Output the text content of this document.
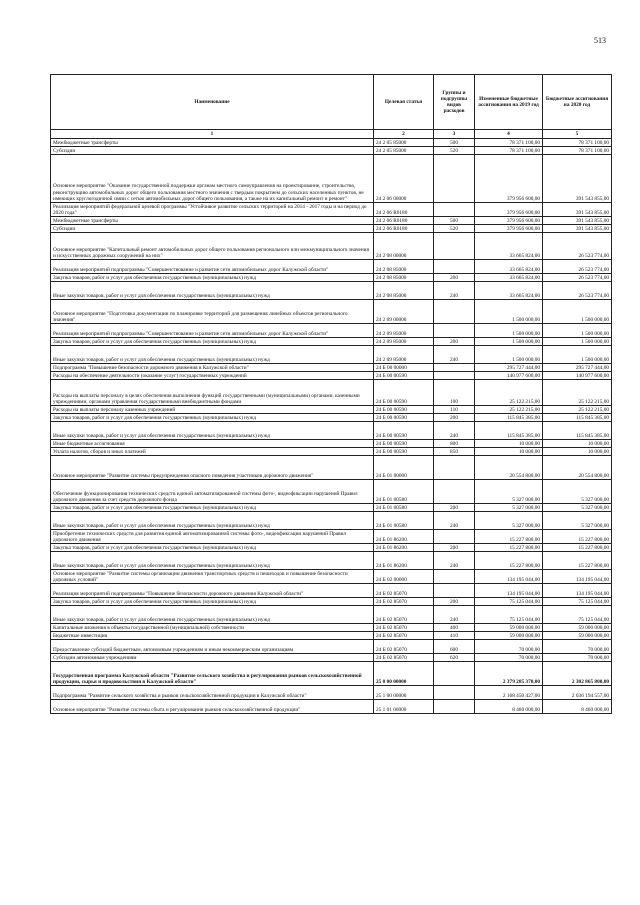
513
Наименование	Целевая статья	Группы и подгруппы видов расходов	Измененные бюджетные ассигнования на 2019 год	Бюджетные ассигнования на 2020 год
1	2	3	4	5
Межбюджетные трансферты	24 2 05 85000	500	78 371 100,00	78 371 100,00
Субсидии	24 2 05 85000	520	78 371 100,00	78 371 100,00
Основное мероприятие "Оказание государственной поддержки органам местного самоуправления на проектирование, строительство, реконструкцию автомобильных дорог общего пользования местного значения с твердым покрытием до сельских населенных пунктов, не имеющих круглогодичной связи с сетью автомобильных дорог общего пользования, а также на их капитальный ремонт и ремонт"	24 2 06 00000		379 956 600,00	391 543 855,00
Реализация мероприятий федеральной целевой программы "Устойчивое развитие сельских территорий на 2014 - 2017 годы и на период до 2020 года"	24 2 06 R0180		379 956 600,00	391 543 855,00
Межбюджетные трансферты	24 2 06 R0180	500	379 956 600,00	391 543 855,00
Субсидии	24 2 06 R0180	520	379 956 600,00	391 543 855,00
Основное мероприятие "Капитальный ремонт автомобильных дорог общего пользования регионального или межмуниципального значения и искусственных дорожных сооружений на них"	24 2 08 00000		33 665 824,00	26 523 774,00
Реализация мероприятий подпрограммы "Совершенствование и развитие сети автомобильных дорог Калужской области"	24 2 08 85000		33 665 824,00	26 523 774,00
Закупка товаров, работ и услуг для обеспечения государственных (муниципальных) нужд	24 2 08 85000	200	33 665 824,00	26 523 774,00
Иные закупки товаров, работ и услуг для обеспечения государственных (муниципальных) нужд	24 2 08 85000	240	33 665 824,00	26 523 774,00
Основное мероприятие "Подготовка документации по планировке территорий для размещения линейных объектов регионального значения"	24 2 09 00000		1 500 000,00	1 500 000,00
Реализация мероприятий подпрограммы "Совершенствование и развитие сети автомобильных дорог Калужской области"	24 2 09 85000		1 500 000,00	1 500 000,00
Закупка товаров, работ и услуг для обеспечения государственных (муниципальных) нужд	24 2 09 85000	200	1 500 000,00	1 500 000,00
Иные закупки товаров, работ и услуг для обеспечения государственных (муниципальных) нужд	24 2 09 85000	240	1 500 000,00	1 500 000,00
Подпрограмма "Повышение безопасности дорожного движения в Калужской области"	24 Б 00 00000		295 727 444,00	295 727 444,00
Расходы на обеспечение деятельности (оказание услуг) государственных учреждений	24 Б 00 00590		140 977 600,00	140 977 600,00
Расходы на выплаты персоналу в целях обеспечения выполнения функций государственными (муниципальными) органами, казенными учреждениями, органами управления государственными внебюджетными фондами	24 Б 00 00590	100	25 122 215,00	25 122 215,00
Расходы на выплаты персоналу казенных учреждений	24 Б 00 00590	110	25 122 215,00	25 122 215,00
Закупка товаров, работ и услуг для обеспечения государственных (муниципальных) нужд	24 Б 00 00590	200	115 845 385,00	115 845 385,00
Иные закупки товаров, работ и услуг для обеспечения государственных (муниципальных) нужд	24 Б 00 00590	240	115 845 385,00	115 845 385,00
Иные бюджетные ассигнования	24 Б 00 00590	800	10 000,00	10 000,00
Уплата налогов, сборов и иных платежей	24 Б 00 00590	850	10 000,00	10 000,00
Основное мероприятие "Развитие системы предупреждения опасного поведения участников дорожного движения"	24 Б 01 00000		20 554 800,00	20 554 800,00
Обеспечение функционирования технических средств единой автоматизированной системы фото-, видеофиксации нарушений Правил дорожного движения за счет средств дорожного фонда	24 Б 01 00580		5 327 000,00	5 327 000,00
Закупка товаров, работ и услуг для обеспечения государственных (муниципальных) нужд	24 Б 01 00580	200	5 327 000,00	5 327 000,00
Иные закупки товаров, работ и услуг для обеспечения государственных (муниципальных) нужд	24 Б 01 00580	240	5 327 000,00	5 327 000,00
Приобретение технических средств для развития единой автоматизированной системы фото-, видеофиксации нарушений Правил дорожного движения	24 Б 01 86200		15 227 800,00	15 227 800,00
Закупка товаров, работ и услуг для обеспечения государственных (муниципальных) нужд	24 Б 01 86200	200	15 227 800,00	15 227 800,00
Иные закупки товаров, работ и услуг для обеспечения государственных (муниципальных) нужд	24 Б 01 86200	240	15 227 800,00	15 227 800,00
Основное мероприятие "Развитие системы организации движения транспортных средств и пешеходов и повышение безопасности дорожных условий"	24 Б 02 00000		134 195 044,00	134 195 044,00
Реализация мероприятий подпрограммы "Повышение безопасности дорожного движения Калужской области"	24 Б 02 85070		134 195 044,00	134 195 044,00
Закупка товаров, работ и услуг для обеспечения государственных (муниципальных) нужд	24 Б 02 85070	200	75 125 044,00	75 125 044,00
Иные закупки товаров, работ и услуг для обеспечения государственных (муниципальных) нужд	24 Б 02 85070	240	75 125 044,00	75 125 044,00
Капитальные вложения в объекты государственной (муниципальной) собственности	24 Б 02 85070	400	59 000 000,00	59 000 000,00
Бюджетные инвестиции	24 Б 02 85070	410	59 000 000,00	59 000 000,00
Предоставление субсидий бюджетным, автономным учреждениям и иным некоммерческим организациям	24 Б 02 85070	600	70 000,00	70 000,00
Субсидии автономным учреждениям	24 Б 02 85070	620	70 000,00	70 000,00
Государственная программа Калужской области "Развитие сельского хозяйства и регулирования рынков сельскохозяйственной продукции, сырья и продовольствия в Калужской области"	25 0 00 00000		2 379 285 370,00	2 302 865 800,00
Подпрограмма "Развитие сельского хозяйства и рынков сельскохозяйственной продукции в Калужской области"	25 1 00 00000		2 168 450 427,00	2 036 194 557,00
Основное мероприятие "Развитие системы сбыта и регулирования рынков сельскохозяйственной продукции"	25 1 01 00000		8 460 000,00	8 460 000,00
